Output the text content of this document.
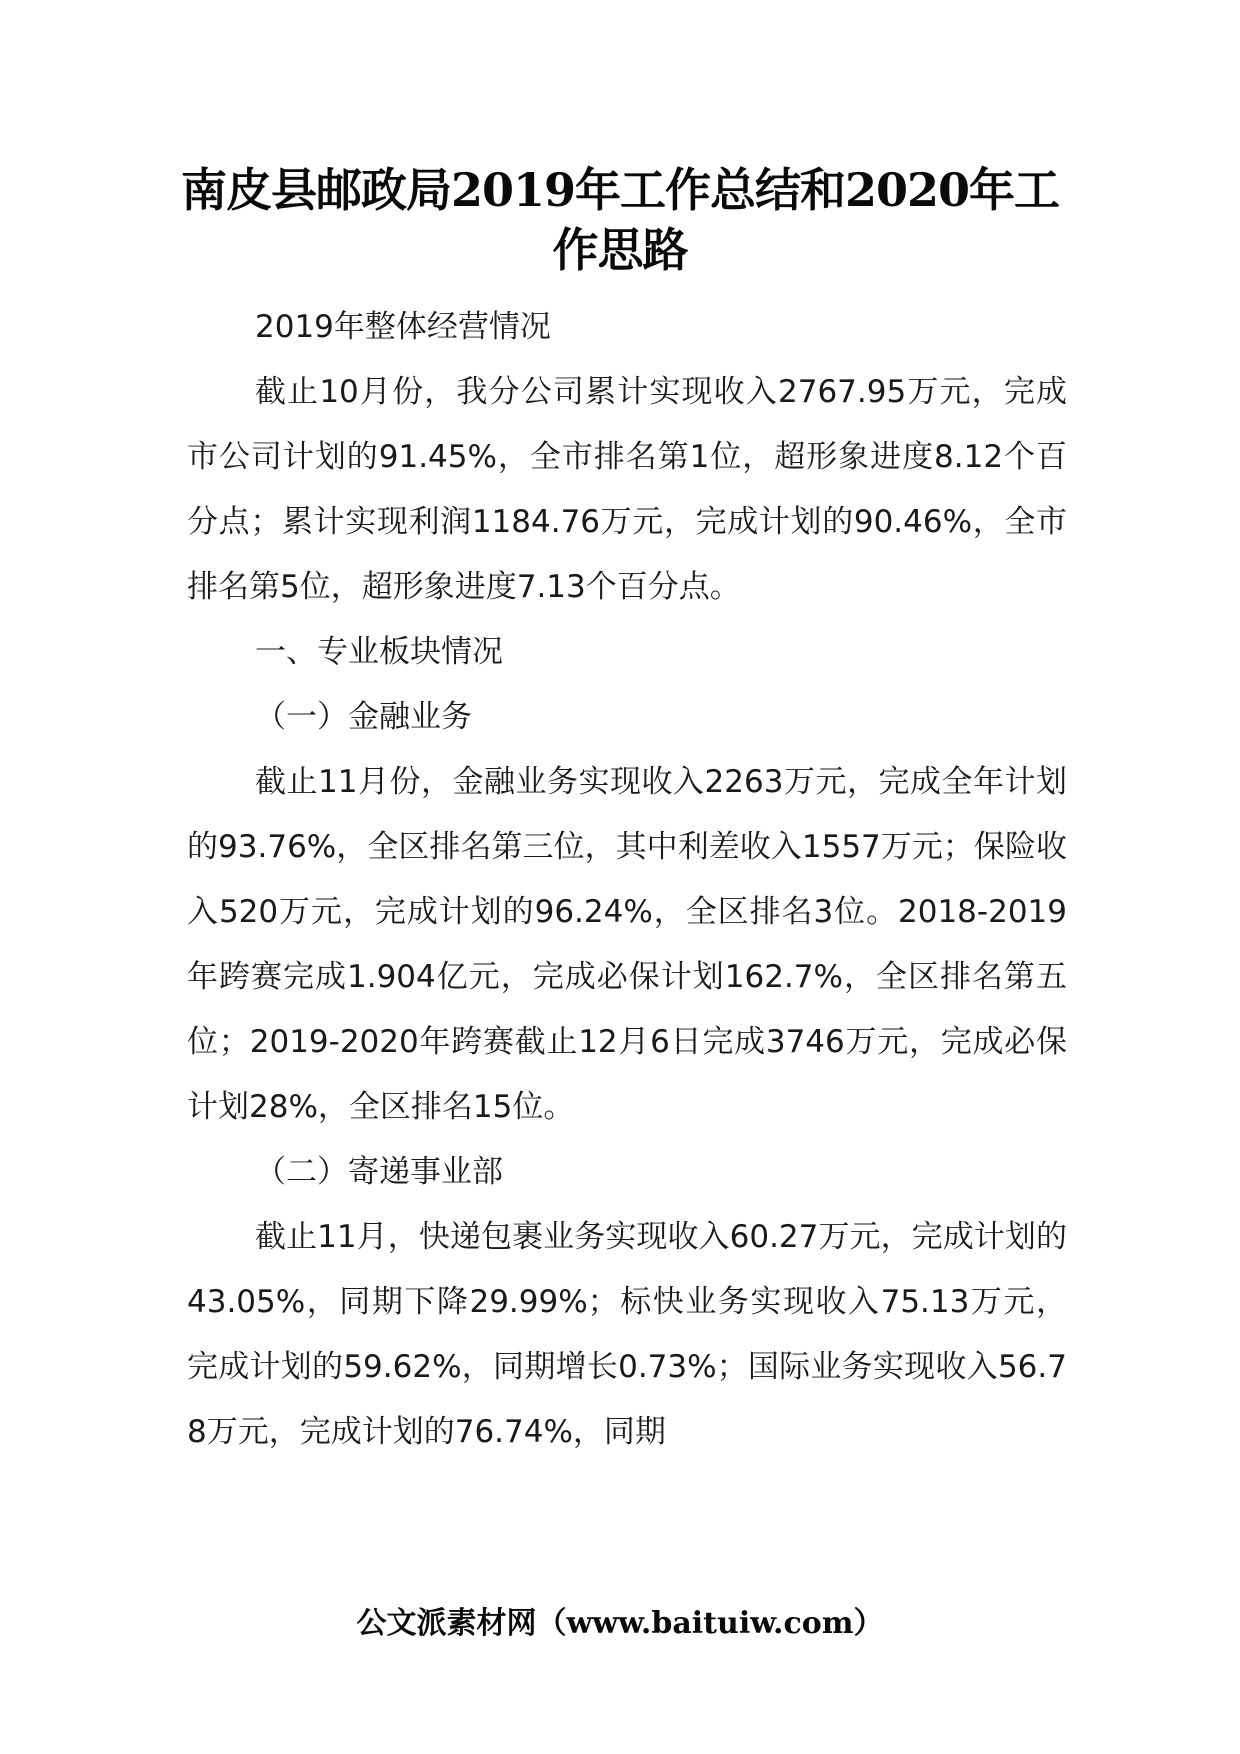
南皮县邮政局2019年工作总结和2020年工作思路

2019年整体经营情况

截止10月份，我分公司累计实现收入2767.95万元，完成市公司计划的91.45%，全市排名第1位，超形象进度8.12个百分点；累计实现利润1184.76万元，完成计划的90.46%，全市排名第5位，超形象进度7.13个百分点。

一、专业板块情况

（一）金融业务

截止11月份，金融业务实现收入2263万元，完成全年计划的93.76%，全区排名第三位，其中利差收入1557万元；保险收入520万元，完成计划的96.24%，全区排名3位。2018-2019年跨赛完成1.904亿元，完成必保计划162.7%，全区排名第五位；2019-2020年跨赛截止12月6日完成3746万元，完成必保计划28%，全区排名15位。

（二）寄递事业部

截止11月，快递包裹业务实现收入60.27万元，完成计划的43.05%，同期下降29.99%；标快业务实现收入75.13万元，完成计划的59.62%，同期增长0.73%；国际业务实现收入56.78万元，完成计划的76.74%，同期

公文派素材网（www.baituiw.com）
